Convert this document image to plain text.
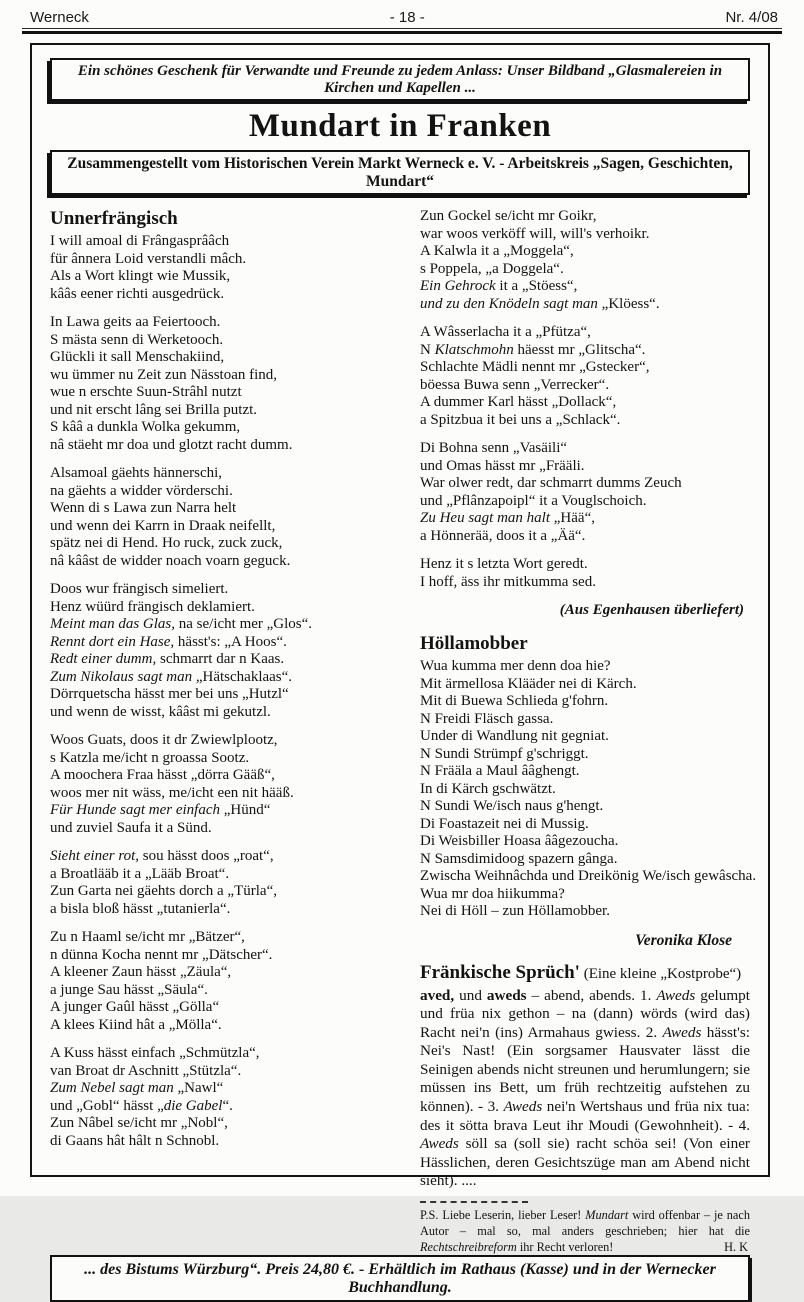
Werneck	- 18 -	Nr. 4/08
Ein schönes Geschenk für Verwandte und Freunde zu jedem Anlass: Unser Bildband „Glasmalereien in Kirchen und Kapellen ...
Mundart in Franken
Zusammengestellt vom Historischen Verein Markt Werneck e. V. - Arbeitskreis „Sagen, Geschichten, Mundart“
Unnerfrängisch
I will amoal di Frângasprââch
für ânnera Loid verstandli mâch.
Als a Wort klingt wie Mussik,
kââs eener richti ausgedrück.
In Lawa geits aa Feiertooch.
S mästa senn di Werketooch.
Glückli it sall Menschakiind,
wu ümmer nu Zeit zun Nässtoan find,
wue n erschte Suun-Strâhl nutzt
und nit erscht lâng sei Brilla putzt.
S kââ a dunkla Wolka gekumm,
nâ stäeht mr doa und glotzt racht dumm.
Alsamoal gäehts hännerschi,
na gäehts a widder vörderschi.
Wenn di s Lawa zun Narra helt
und wenn dei Karrn in Draak neifellt,
spätz nei di Hend. Ho ruck, zuck zuck,
nâ kââst de widder noach voarn geguck.
Doos wur frängisch simeliert.
Henz wüürd frängisch deklamiert.
Meint man das Glas, na se/icht mer „Glos“.
Rennt dort ein Hase, hässt's: „A Hoos“.
Redt einer dumm, schmarrt dar n Kaas.
Zum Nikolaus sagt man „Hätschaklaas“.
Dörrquetscha hässt mer bei uns „Hutzl“
und wenn de wisst, kââst mi gekutzl.
Woos Guats, doos it dr Zwiewlplootz,
s Katzla me/icht n groassa Sootz.
A moochera Fraa hässt „dörra Gääß“,
woos mer nit wäss, me/icht een nit hääß.
Für Hunde sagt mer einfach „Hünd“
und zuviel Saufa it a Sünd.
Sieht einer rot, sou hässt doos „roat“,
a Broatlääb it a „Lääb Broat“.
Zun Garta nei gäehts dorch a „Türla“,
a bisla bloß hässt „tutanierla“.
Zu n Haaml se/icht mr „Bätzer“,
n dünna Kocha nennt mr „Dätscher“.
A kleener Zaun hässt „Zäula“,
a junge Sau hässt „Säula“.
A junger Gaûl hässt „Gölla“
A klees Kiind hât a „Mölla“.
A Kuss hässt einfach „Schmützla“,
van Broat dr Aschnitt „Stützla“.
Zum Nebel sagt man „Nawl“
und „Gobl“ hässt „die Gabel“.
Zun Nâbel se/icht mr „Nobl“,
di Gaans hât hâlt n Schnobl.
Zun Gockel se/icht mr Goikr,
war woos verköff will, will's verhoikr.
A Kalwla it a „Moggela“,
s Poppela, „a Doggela“.
Ein Gehrock it a „Stöess“,
und zu den Knödeln sagt man „Klöess“.
A Wâsserlacha it a „Pfütza“,
N Klatschmohn häesst mr „Glitscha“.
Schlachte Mädli nennt mr „Gstecker“,
böessa Buwa senn „Verrecker“.
A dummer Karl hässt „Dollack“,
a Spitzbua it bei uns a „Schlack“.
Di Bohna senn „Vasäili“
und Omas hässt mr „Frääli.
War olwer redt, dar schmarrt dumms Zeuch
und „Pflânzapoipl“ it a Vouglschoich.
Zu Heu sagt man halt „Hää“,
a Hönnerää, doos it a „Ää“.
Henz it s letzta Wort geredt.
I hoff, äss ihr mitkumma sed.
(Aus Egenhausen überliefert)
Höllamobber
Wua kumma mer denn doa hie?
Mit ärmellosa Klääder nei di Kärch.
Mit di Buewa Schlieda g'fohrn.
N Freidi Fläsch gassa.
Under di Wandlung nit gegniat.
N Sundi Strümpf g'schriggt.
N Frääla a Maul ââghengt.
In di Kärch gschwätzt.
N Sundi We/isch naus g'hengt.
Di Foastazeit nei di Mussig.
Di Weisbiller Hoasa ââgezoucha.
N Samsdimidoog spazern gânga.
Zwischa Weihnâchda und Dreikönig We/isch gewâscha.
Wua mr doa hiikumma?
Nei di Höll – zun Höllamobber.
Veronika Klose
Fränkische Sprüch' (Eine kleine „Kostprobe“)

aved, und aweds – abend, abends. 1. Aweds gelumpt und früa nix gethon – na (dann) wörds (wird das) Racht nei'n (ins) Armahaus gwiess. 2. Aweds hässt's: Nei's Nast! (Ein sorgsamer Hausvater lässt die Seinigen abends nicht streunen und herumlungern; sie müssen ins Bett, um früh rechtzeitig aufstehen zu können). - 3. Aweds nei'n Wertshaus und früa nix tua: des it sötta brava Leut ihr Moudi (Gewohnheit). - 4. Aweds söll sa (soll sie) racht schöa sei! (Von einer Hässlichen, deren Gesichtszüge man am Abend nicht sieht). ....

P.S. Liebe Leserin, lieber Leser! Mundart wird offenbar – je nach Autor – mal so, mal anders geschrieben; hier hat die Rechtschreibreform ihr Recht verloren!	H. K

... des Bistums Würzburg“. Preis 24,80 €. - Erhältlich im Rathaus (Kasse) und in der Wernecker Buchhandlung.
